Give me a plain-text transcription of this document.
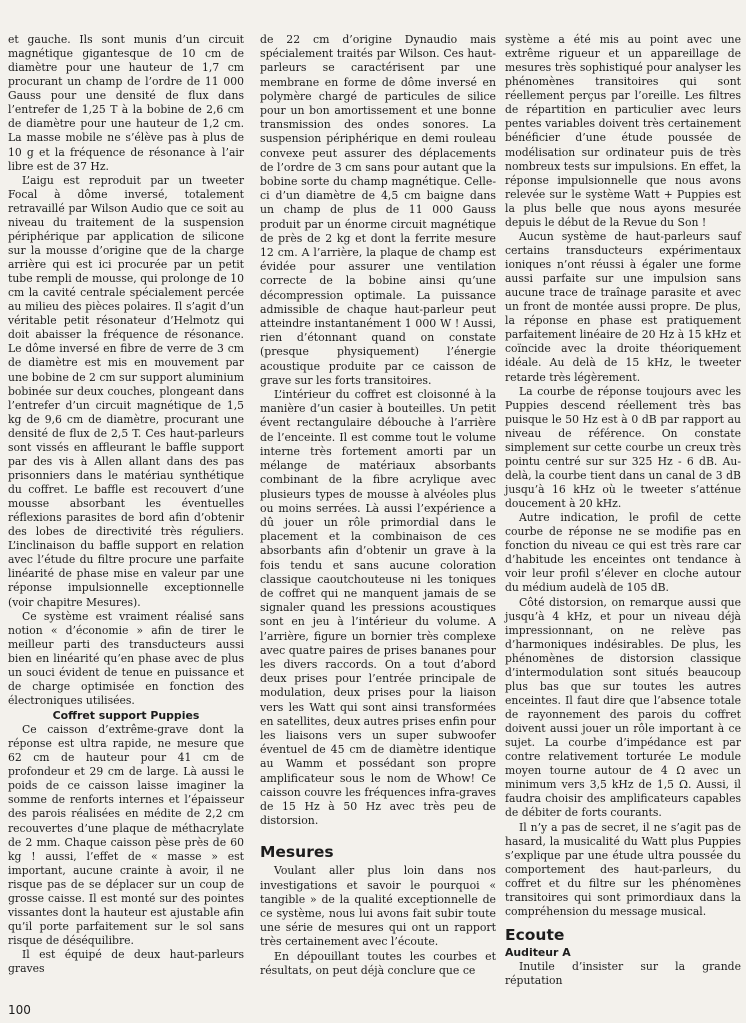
et gauche. Ils sont munis d’un circuit magnétique gigantesque de 10 cm de diamètre pour une hauteur de 1,7 cm procurant un champ de l’ordre de 11 000 Gauss pour une densité de flux dans l’entrefer de 1,25 T à la bobine de 2,6 cm de diamètre pour une hauteur de 1,2 cm. La masse mobile ne s’élève pas à plus de 10 g et la fréquence de résonance à l’air libre est de 37 Hz.

L’aigu est reproduit par un tweeter Focal à dôme inversé, totalement retravaillé par Wilson Audio que ce soit au niveau du traitement de la suspension périphérique par application de silicone sur la mousse d’origine que de la charge arrière qui est ici procurée par un petit tube rempli de mousse, qui prolonge de 10 cm la cavité centrale spécialement percée au milieu des pièces polaires. Il s’agit d’un véritable petit résonateur d’Helmotz qui doit abaisser la fréquence de résonance. Le dôme inversé en fibre de verre de 3 cm de diamètre est mis en mouvement par une bobine de 2 cm sur support aluminium bobinée sur deux couches, plongeant dans l’entrefer d’un circuit magnétique de 1,5 kg de 9,6 cm de diamètre, procurant une densité de flux de 2,5 T. Ces haut-parleurs sont vissés en affleurant le baffle support par des vis à Allen allant dans des pas prisonniers dans le matériau synthétique du coffret. Le baffle est recouvert d’une mousse absorbant les éventuelles réflexions parasites de bord afin d’obtenir des lobes de directivité très réguliers. L’inclinaison du baffle support en relation avec l’étude du filtre procure une parfaite linéarité de phase mise en valeur par une réponse impulsionnelle exceptionnelle (voir chapitre Mesures).

Ce système est vraiment réalisé sans notion « d’économie » afin de tirer le meilleur parti des transducteurs aussi bien en linéarité qu’en phase avec de plus un souci évident de tenue en puissance et de charge optimisée en fonction des électroniques utilisées.

Coffret support Puppies

Ce caisson d’extrême-grave dont la réponse est ultra rapide, ne mesure que 62 cm de hauteur pour 41 cm de profondeur et 29 cm de large. Là aussi le poids de ce caisson laisse imaginer la somme de renforts internes et l’épaisseur des parois réalisées en médite de 2,2 cm recouvertes d’une plaque de méthacrylate de 2 mm. Chaque caisson pèse près de 60 kg ! aussi, l’effet de « masse » est important, aucune crainte à avoir, il ne risque pas de se déplacer sur un coup de grosse caisse. Il est monté sur des pointes vissantes dont la hauteur est ajustable afin qu’il porte parfaitement sur le sol sans risque de déséquilibre.

Il est équipé de deux haut-parleurs graves

de 22 cm d’origine Dynaudio mais spécialement traités par Wilson. Ces haut-parleurs se caractérisent par une membrane en forme de dôme inversé en polymère chargé de particules de silice pour un bon amortissement et une bonne transmission des ondes sonores. La suspension périphérique en demi rouleau convexe peut assurer des déplacements de l’ordre de 3 cm sans pour autant que la bobine sorte du champ magnétique. Celle-ci d’un diamètre de 4,5 cm baigne dans un champ de plus de 11 000 Gauss produit par un énorme circuit magnétique de près de 2 kg et dont la ferrite mesure 12 cm. A l’arrière, la plaque de champ est évidée pour assurer une ventilation correcte de la bobine ainsi qu’une décompression optimale. La puissance admissible de chaque haut-parleur peut atteindre instantanément 1 000 W ! Aussi, rien d’étonnant quand on constate (presque physiquement) l’énergie acoustique produite par ce caisson de grave sur les forts transitoires.

L’intérieur du coffret est cloisonné à la manière d’un casier à bouteilles. Un petit évent rectangulaire débouche à l’arrière de l’enceinte. Il est comme tout le volume interne très fortement amorti par un mélange de matériaux absorbants combinant de la fibre acrylique avec plusieurs types de mousse à alvéoles plus ou moins serrées. Là aussi l’expérience a dû jouer un rôle primordial dans le placement et la combinaison de ces absorbants afin d’obtenir un grave à la fois tendu et sans aucune coloration classique caoutchouteuse ni les toniques de coffret qui ne manquent jamais de se signaler quand les pressions acoustiques sont en jeu à l’intérieur du volume. A l’arrière, figure un bornier très complexe avec quatre paires de prises bananes pour les divers raccords. On a tout d’abord deux prises pour l’entrée principale de modulation, deux prises pour la liaison vers les Watt qui sont ainsi transformées en satellites, deux autres prises enfin pour les liaisons vers un super subwoofer éventuel de 45 cm de diamètre identique au Wamm et possédant son propre amplificateur sous le nom de Whow! Ce caisson couvre les fréquences infra-graves de 15 Hz à 50 Hz avec très peu de distorsion.

Mesures

Voulant aller plus loin dans nos investigations et savoir le pourquoi « tangible » de la qualité exceptionnelle de ce système, nous lui avons fait subir toute une série de mesures qui ont un rapport très certainement avec l’écoute.

En dépouillant toutes les courbes et résultats, on peut déjà conclure que ce

système a été mis au point avec une extrême rigueur et un appareillage de mesures très sophistiqué pour analyser les phénomènes transitoires qui sont réellement perçus par l’oreille. Les filtres de répartition en particulier avec leurs pentes variables doivent très certainement bénéficier d’une étude poussée de modélisation sur ordinateur puis de très nombreux tests sur impulsions. En effet, la réponse impulsionnelle que nous avons relevée sur le système Watt + Puppies est la plus belle que nous ayons mesurée depuis le début de la Revue du Son !

Aucun système de haut-parleurs sauf certains transducteurs expérimentaux ioniques n’ont réussi à égaler une forme aussi parfaite sur une impulsion sans aucune trace de traînage parasite et avec un front de montée aussi propre. De plus, la réponse en phase est pratiquement parfaitement linéaire de 20 Hz à 15 kHz et coïncide avec la droite théoriquement idéale. Au delà de 15 kHz, le tweeter retarde très légèrement.

La courbe de réponse toujours avec les Puppies descend réellement très bas puisque le 50 Hz est à 0 dB par rapport au niveau de référence. On constate simplement sur cette courbe un creux très pointu centré sur sur 325 Hz - 6 dB. Au-delà, la courbe tient dans un canal de 3 dB jusqu’à 16 kHz où le tweeter s’atténue doucement à 20 kHz.

Autre indication, le profil de cette courbe de réponse ne se modifie pas en fonction du niveau ce qui est très rare car d’habitude les enceintes ont tendance à voir leur profil s’élever en cloche autour du médium audelà de 105 dB.

Côté distorsion, on remarque aussi que jusqu’à 4 kHz, et pour un niveau déjà impressionnant, on ne relève pas d’harmoniques indésirables. De plus, les phénomènes de distorsion classique d’intermodulation sont situés beaucoup plus bas que sur toutes les autres enceintes. Il faut dire que l’absence totale de rayonnement des parois du coffret doivent aussi jouer un rôle important à ce sujet. La courbe d’impédance est par contre relativement torturée Le module moyen tourne autour de 4 Ω avec un minimum vers 3,5 kHz de 1,5 Ω. Aussi, il faudra choisir des amplificateurs capables de débiter de forts courants.

Il n’y a pas de secret, il ne s’agit pas de hasard, la musicalité du Watt plus Puppies s’explique par une étude ultra poussée du comportement des haut-parleurs, du coffret et du filtre sur les phénomènes transitoires qui sont primordiaux dans la compréhension du message musical.

Ecoute
Auditeur A

Inutile d’insister sur la grande réputation

100
